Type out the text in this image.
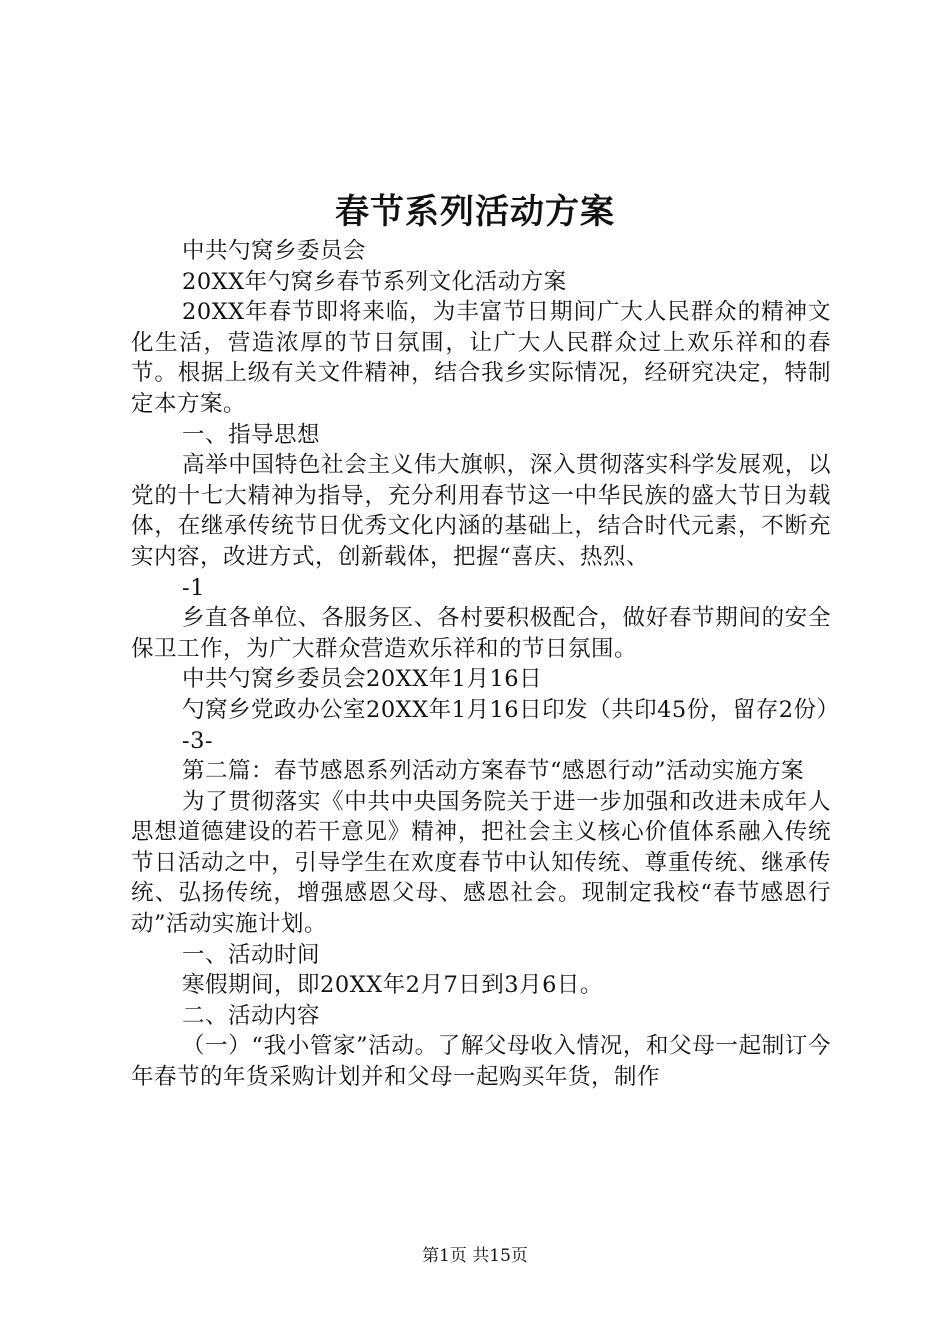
春节系列活动方案

中共勺窝乡委员会

20XX年勺窝乡春节系列文化活动方案

20XX年春节即将来临，为丰富节日期间广大人民群众的精神文化生活，营造浓厚的节日氛围，让广大人民群众过上欢乐祥和的春节。根据上级有关文件精神，结合我乡实际情况，经研究决定，特制定本方案。

一、指导思想

高举中国特色社会主义伟大旗帜，深入贯彻落实科学发展观，以党的十七大精神为指导，充分利用春节这一中华民族的盛大节日为载体，在继承传统节日优秀文化内涵的基础上，结合时代元素，不断充实内容，改进方式，创新载体，把握“喜庆、热烈、

-1

乡直各单位、各服务区、各村要积极配合，做好春节期间的安全保卫工作，为广大群众营造欢乐祥和的节日氛围。

中共勺窝乡委员会20XX年1月16日

勺窝乡党政办公室20XX年1月16日印发（共印45份，留存2份）

-3-

第二篇：春节感恩系列活动方案春节“感恩行动”活动实施方案

为了贯彻落实《中共中央国务院关于进一步加强和改进未成年人思想道德建设的若干意见》精神，把社会主义核心价值体系融入传统节日活动之中，引导学生在欢度春节中认知传统、尊重传统、继承传统、弘扬传统，增强感恩父母、感恩社会。现制定我校“春节感恩行动”活动实施计划。

一、活动时间

寒假期间，即20XX年2月7日到3月6日。

二、活动内容

（一）“我小管家”活动。了解父母收入情况，和父母一起制订今年春节的年货采购计划并和父母一起购买年货，制作

第1页 共15页
